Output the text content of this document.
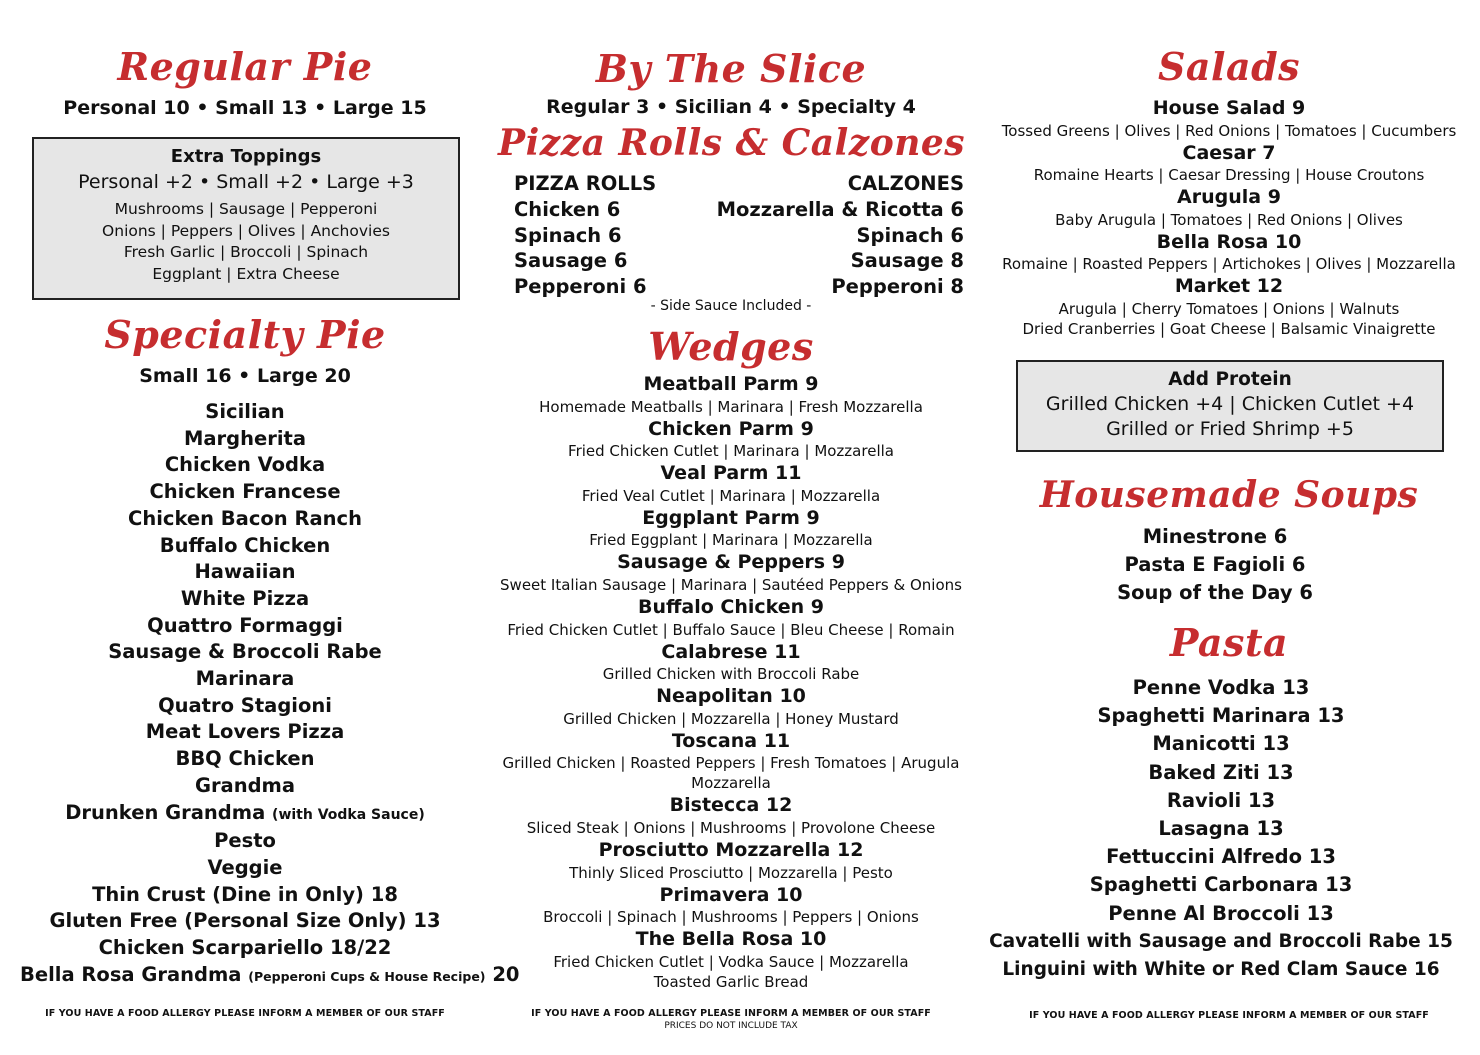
Regular Pie
Personal 10 • Small 13 • Large 15
Extra Toppings
Personal +2 • Small +2 • Large +3
Mushrooms | Sausage | Pepperoni
Onions | Peppers | Olives | Anchovies
Fresh Garlic | Broccoli | Spinach
Eggplant | Extra Cheese
Specialty Pie
Small 16 • Large 20
Sicilian
Margherita
Chicken Vodka
Chicken Francese
Chicken Bacon Ranch
Buffalo Chicken
Hawaiian
White Pizza
Quattro Formaggi
Sausage & Broccoli Rabe
Marinara
Quatro Stagioni
Meat Lovers Pizza
BBQ Chicken
Grandma
Drunken Grandma (with Vodka Sauce)
Pesto
Veggie
Thin Crust (Dine in Only) 18
Gluten Free (Personal Size Only) 13
Chicken Scarpariello 18/22
Bella Rosa Grandma (Pepperoni Cups & House Recipe) 20
IF YOU HAVE A FOOD ALLERGY PLEASE INFORM A MEMBER OF OUR STAFF
By The Slice
Regular 3 • Sicilian 4 • Specialty 4
Pizza Rolls & Calzones
PIZZA ROLLS
Chicken 6
Spinach 6
Sausage 6
Pepperoni 6
CALZONES
Mozzarella & Ricotta 6
Spinach 6
Sausage 8
Pepperoni 8
- Side Sauce Included -
Wedges
Meatball Parm 9
Homemade Meatballs | Marinara | Fresh Mozzarella
Chicken Parm 9
Fried Chicken Cutlet | Marinara | Mozzarella
Veal Parm 11
Fried Veal Cutlet | Marinara | Mozzarella
Eggplant Parm 9
Fried Eggplant | Marinara | Mozzarella
Sausage & Peppers 9
Sweet Italian Sausage | Marinara | Sautéed Peppers & Onions
Buffalo Chicken 9
Fried Chicken Cutlet | Buffalo Sauce | Bleu Cheese | Romain
Calabrese 11
Grilled Chicken with Broccoli Rabe
Neapolitan 10
Grilled Chicken | Mozzarella | Honey Mustard
Toscana 11
Grilled Chicken | Roasted Peppers | Fresh Tomatoes | Arugula
Mozzarella
Bistecca 12
Sliced Steak | Onions | Mushrooms | Provolone Cheese
Prosciutto Mozzarella 12
Thinly Sliced Prosciutto | Mozzarella | Pesto
Primavera 10
Broccoli | Spinach | Mushrooms | Peppers | Onions
The Bella Rosa 10
Fried Chicken Cutlet | Vodka Sauce | Mozzarella
Toasted Garlic Bread
IF YOU HAVE A FOOD ALLERGY PLEASE INFORM A MEMBER OF OUR STAFF
PRICES DO NOT INCLUDE TAX
Salads
House Salad 9
Tossed Greens | Olives | Red Onions | Tomatoes | Cucumbers
Caesar 7
Romaine Hearts | Caesar Dressing | House Croutons
Arugula 9
Baby Arugula | Tomatoes | Red Onions | Olives
Bella Rosa 10
Romaine | Roasted Peppers | Artichokes | Olives | Mozzarella
Market 12
Arugula | Cherry Tomatoes | Onions | Walnuts
Dried Cranberries | Goat Cheese | Balsamic Vinaigrette
Add Protein
Grilled Chicken +4 | Chicken Cutlet +4
Grilled or Fried Shrimp +5
Housemade Soups
Minestrone 6
Pasta E Fagioli 6
Soup of the Day 6
Pasta
Penne Vodka 13
Spaghetti Marinara 13
Manicotti 13
Baked Ziti 13
Ravioli 13
Lasagna 13
Fettuccini Alfredo 13
Spaghetti Carbonara 13
Penne Al Broccoli 13
Cavatelli with Sausage and Broccoli Rabe 15
Linguini with White or Red Clam Sauce 16
IF YOU HAVE A FOOD ALLERGY PLEASE INFORM A MEMBER OF OUR STAFF
